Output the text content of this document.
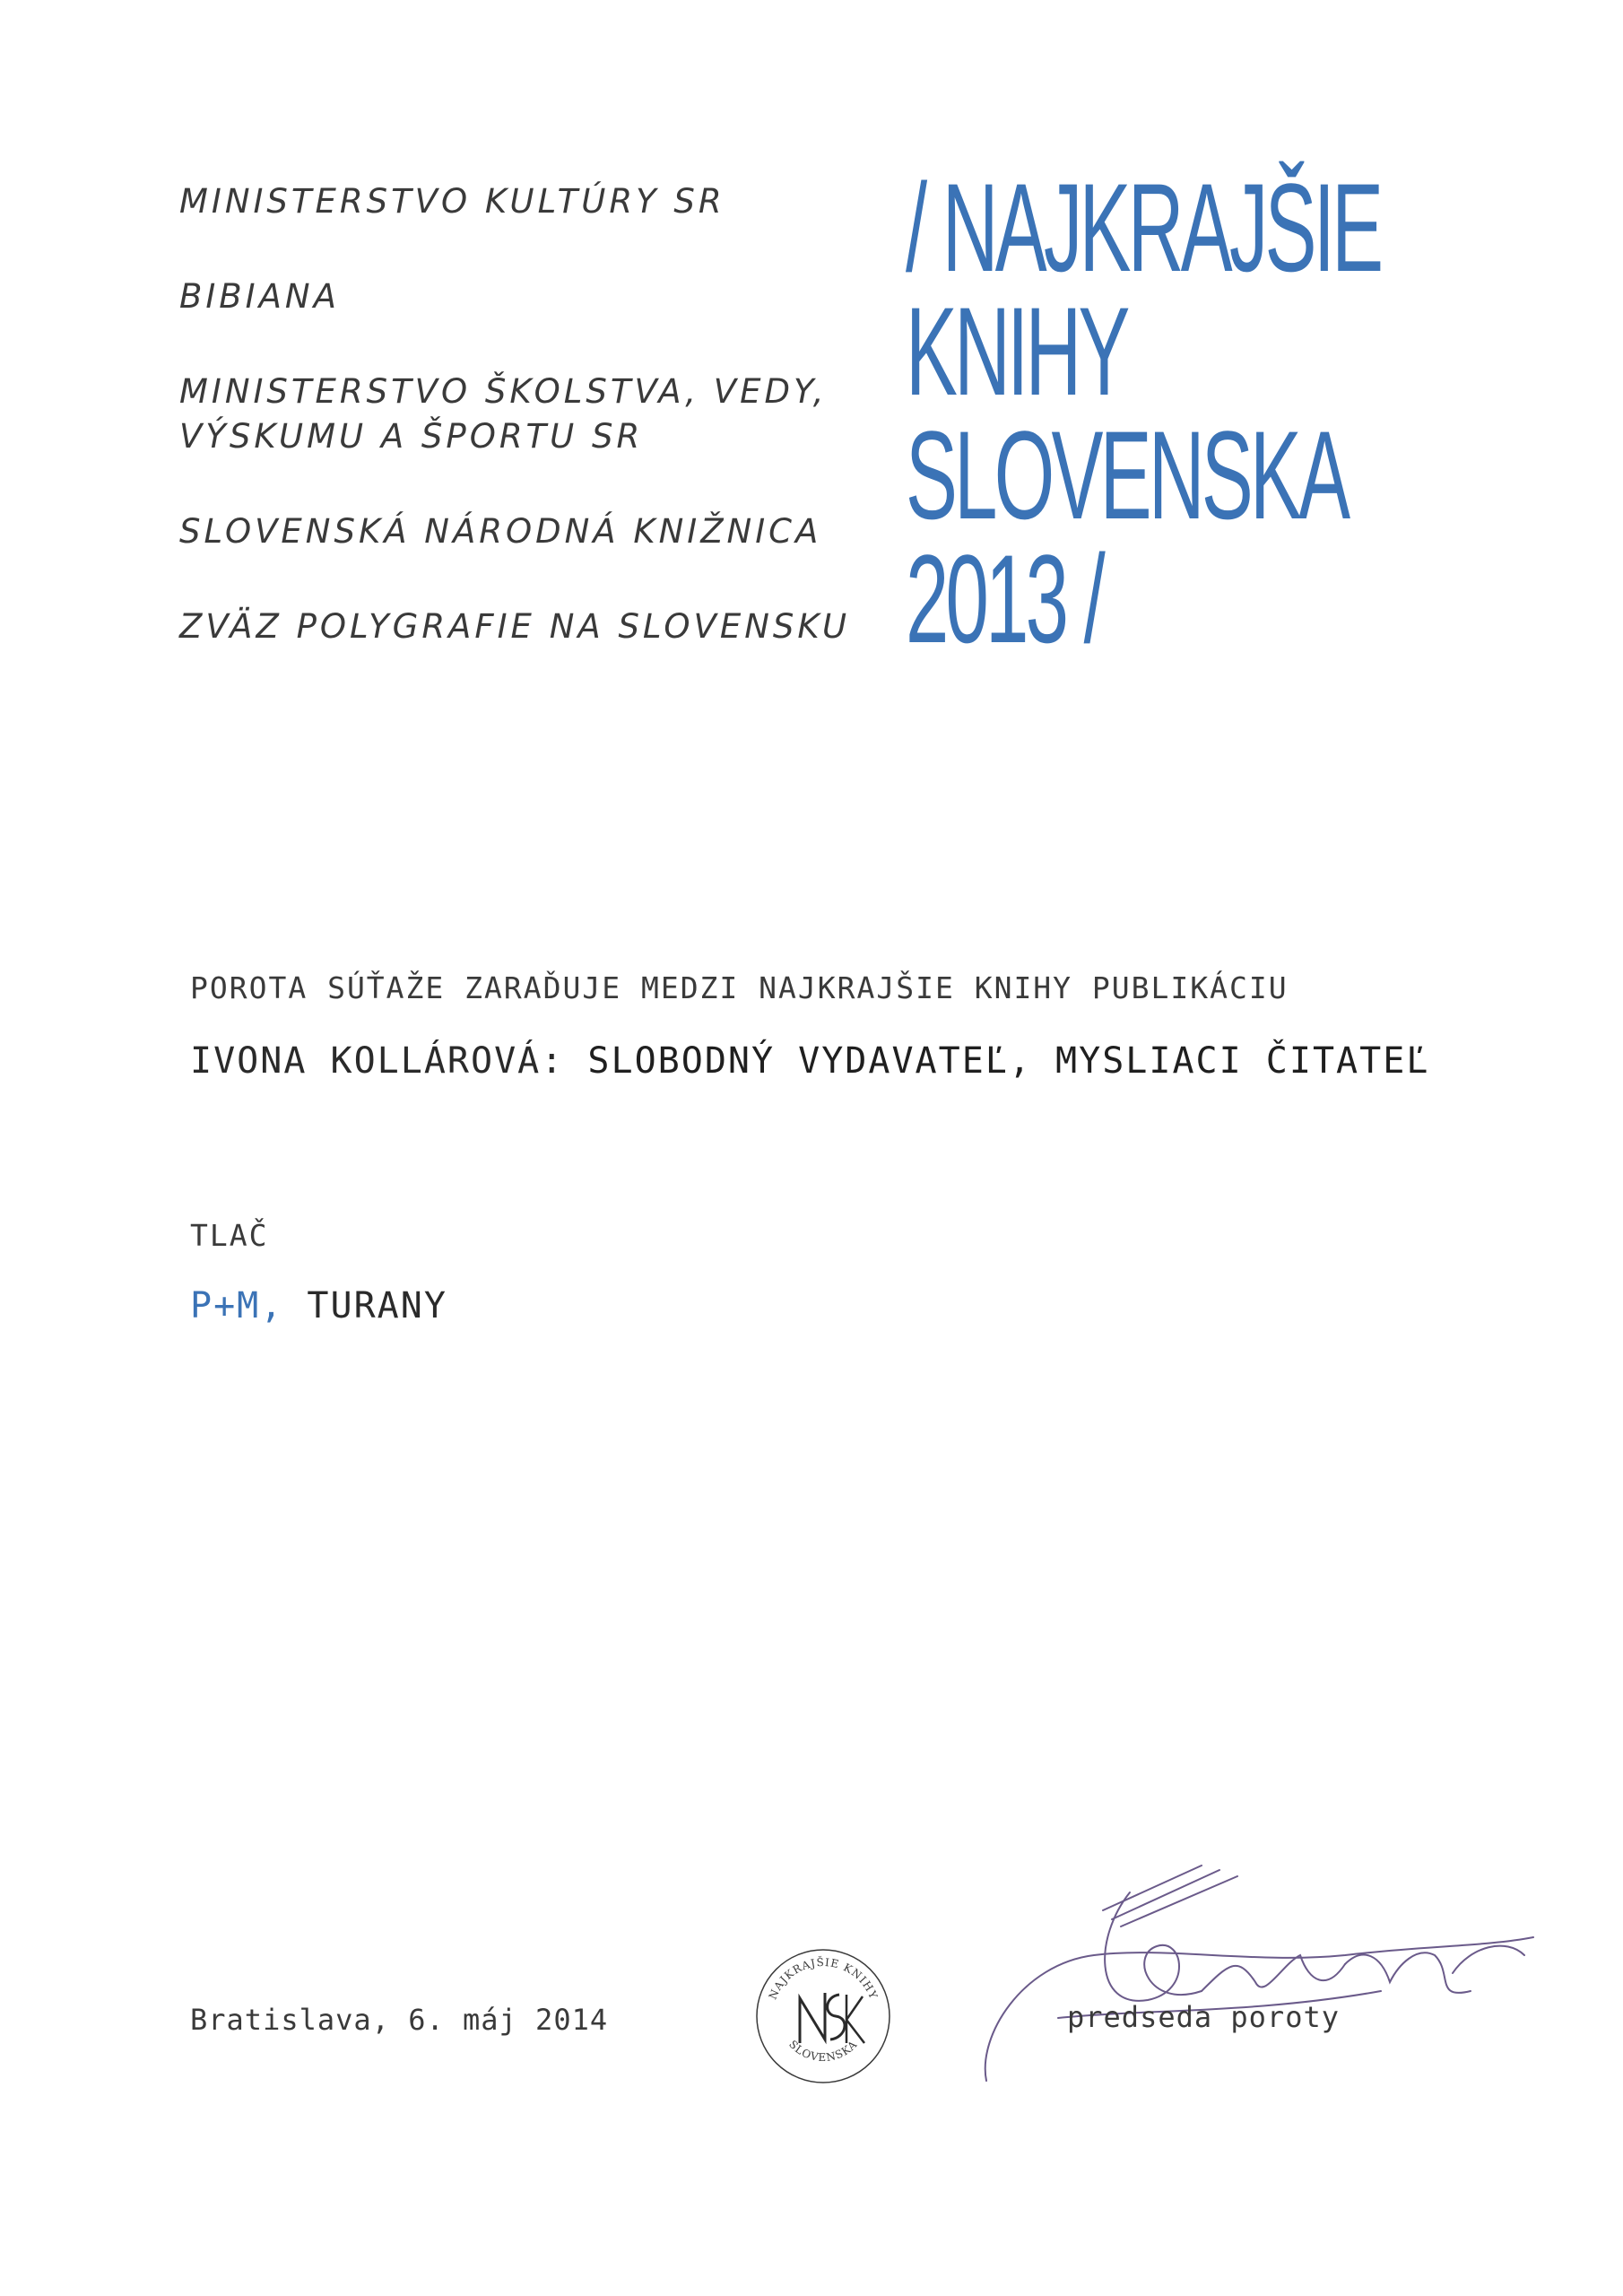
MINISTERSTVO KULTÚRY SR

BIBIANA

MINISTERSTVO ŠKOLSTVA, VEDY,
VÝSKUMU A ŠPORTU SR

SLOVENSKÁ NÁRODNÁ KNIŽNICA

ZVÄZ POLYGRAFIE NA SLOVENSKU

/ NAJKRAJŠIE
KNIHY
SLOVENSKA
2013 /
POROTA SÚŤAŽE ZARAĎUJE MEDZI NAJKRAJŠIE KNIHY PUBLIKÁCIU
IVONA KOLLÁROVÁ: SLOBODNÝ VYDAVATEĽ, MYSLIACI ČITATEĽ
TLAČ
P+M, TURANY
Bratislava, 6. máj 2014
NAJKRAJŠIE KNIHY
SLOVENSKA
predseda poroty
